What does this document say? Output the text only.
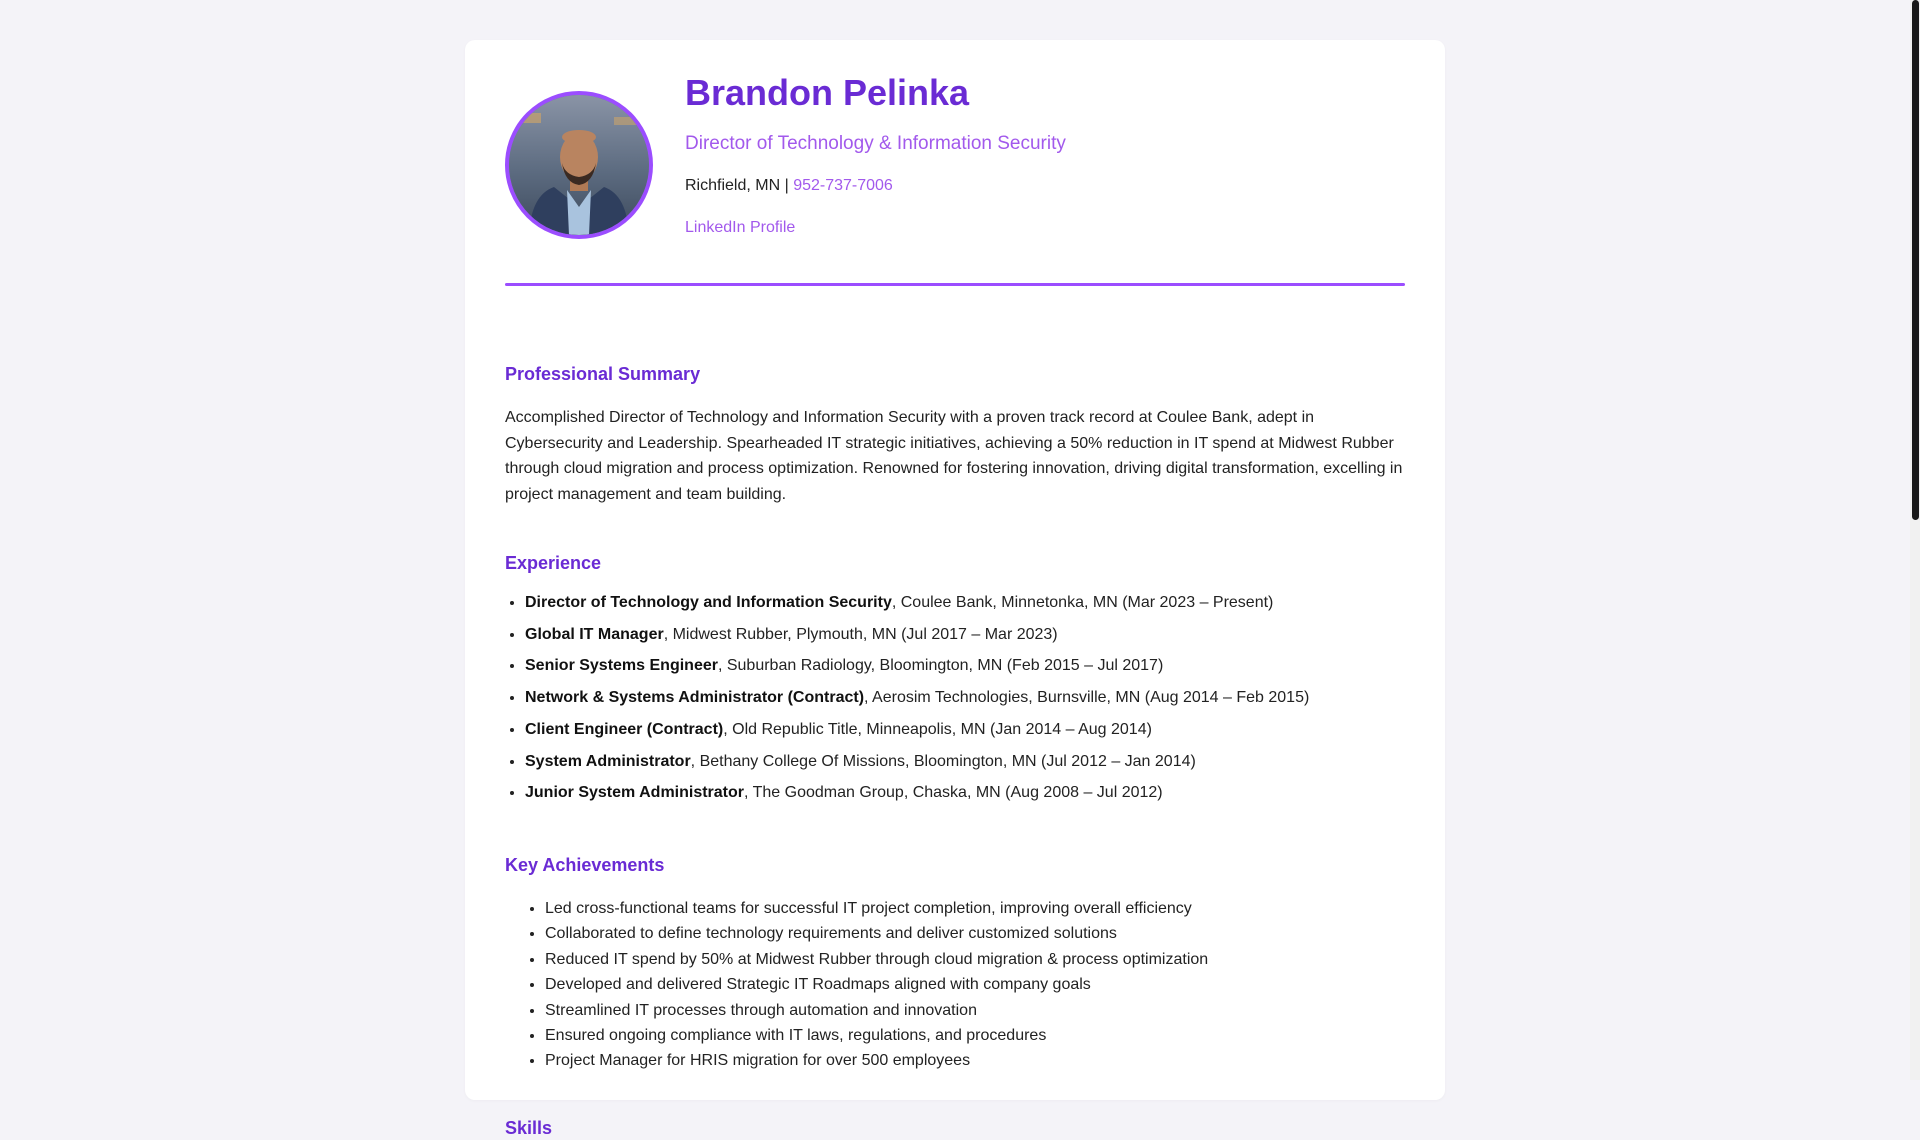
Brandon Pelinka
Director of Technology & Information Security
Richfield, MN | 952-737-7006
LinkedIn Profile
Professional Summary

Accomplished Director of Technology and Information Security with a proven track record at Coulee Bank, adept in Cybersecurity and Leadership. Spearheaded IT strategic initiatives, achieving a 50% reduction in IT spend at Midwest Rubber through cloud migration and process optimization. Renowned for fostering innovation, driving digital transformation, excelling in project management and team building.

Experience
• Director of Technology and Information Security, Coulee Bank, Minnetonka, MN (Mar 2023 – Present)
• Global IT Manager, Midwest Rubber, Plymouth, MN (Jul 2017 – Mar 2023)
• Senior Systems Engineer, Suburban Radiology, Bloomington, MN (Feb 2015 – Jul 2017)
• Network & Systems Administrator (Contract), Aerosim Technologies, Burnsville, MN (Aug 2014 – Feb 2015)
• Client Engineer (Contract), Old Republic Title, Minneapolis, MN (Jan 2014 – Aug 2014)
• System Administrator, Bethany College Of Missions, Bloomington, MN (Jul 2012 – Jan 2014)
• Junior System Administrator, The Goodman Group, Chaska, MN (Aug 2008 – Jul 2012)
Key Achievements
• Led cross-functional teams for successful IT project completion, improving overall efficiency
• Collaborated to define technology requirements and deliver customized solutions
• Reduced IT spend by 50% at Midwest Rubber through cloud migration & process optimization
• Developed and delivered Strategic IT Roadmaps aligned with company goals
• Streamlined IT processes through automation and innovation
• Ensured ongoing compliance with IT laws, regulations, and procedures
• Project Manager for HRIS migration for over 500 employees
Skills
